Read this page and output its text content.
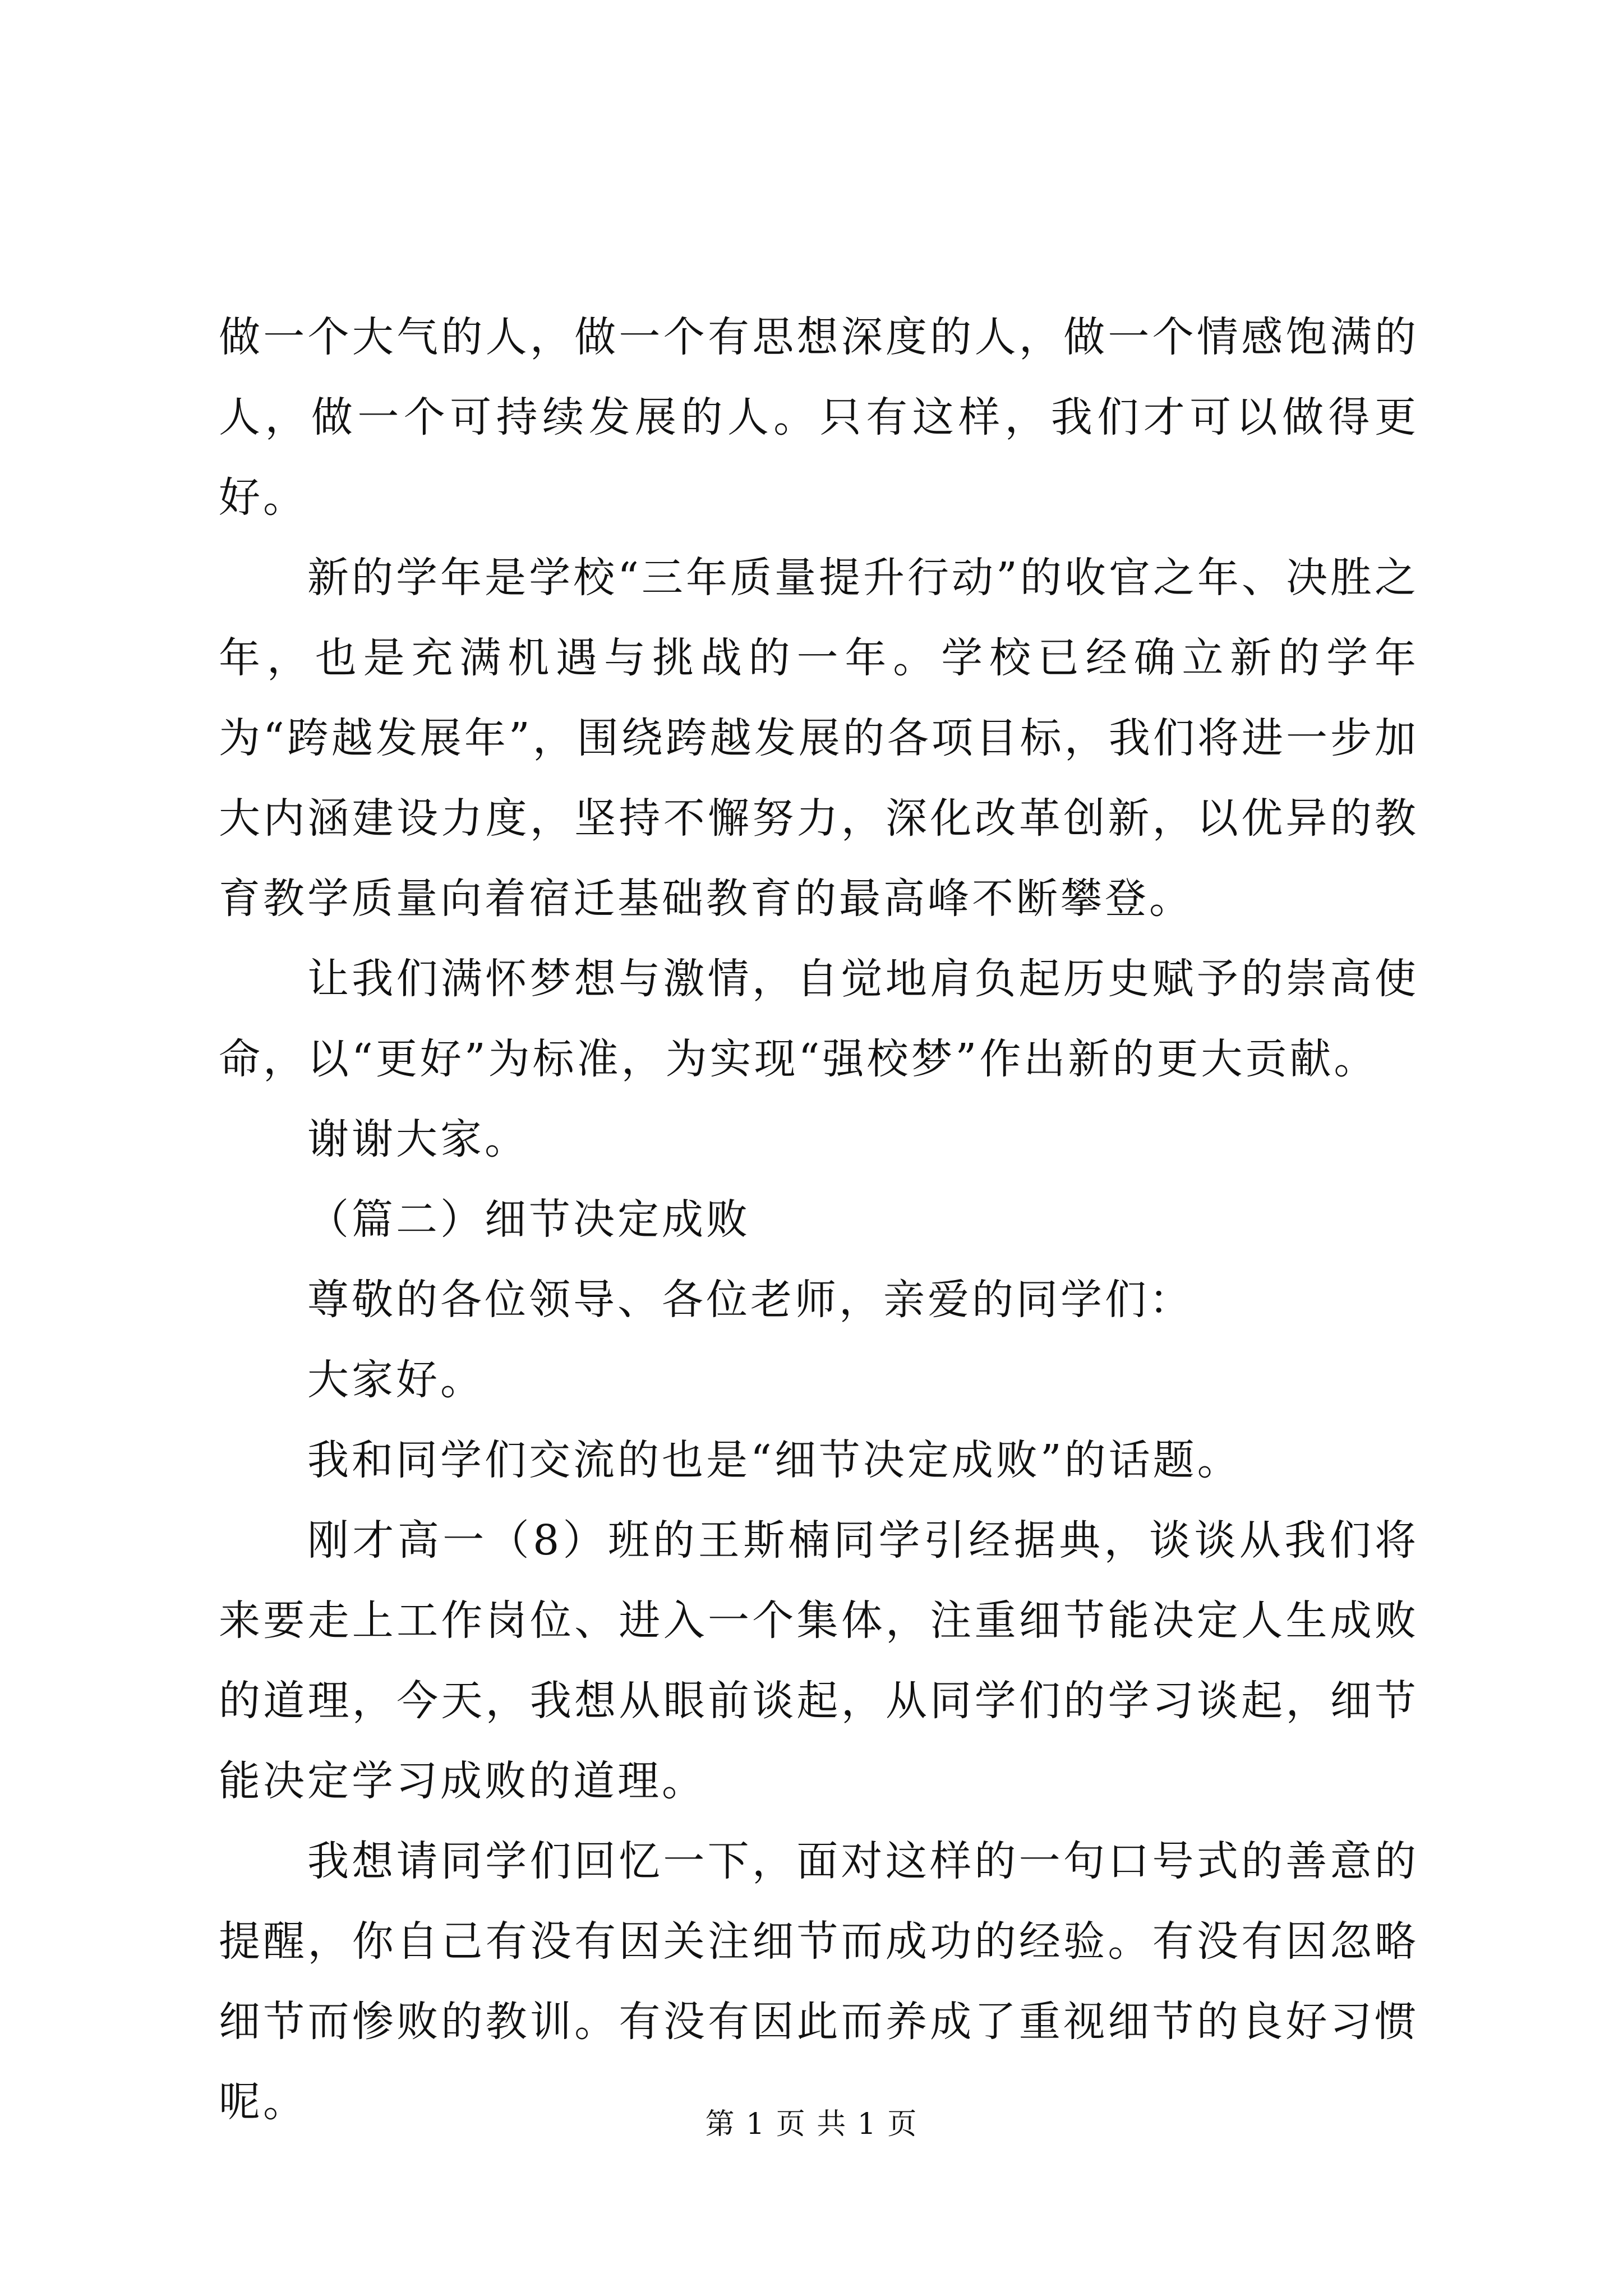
做一个大气的人，做一个有思想深度的人，做一个情感饱满的人，做一个可持续发展的人。只有这样，我们才可以做得更好。

新的学年是学校“三年质量提升行动”的收官之年、决胜之年，也是充满机遇与挑战的一年。学校已经确立新的学年为“跨越发展年”，围绕跨越发展的各项目标，我们将进一步加大内涵建设力度，坚持不懈努力，深化改革创新，以优异的教育教学质量向着宿迁基础教育的最高峰不断攀登。

让我们满怀梦想与激情，自觉地肩负起历史赋予的崇高使命，以“更好”为标准，为实现“强校梦”作出新的更大贡献。

谢谢大家。

（篇二）细节决定成败

尊敬的各位领导、各位老师，亲爱的同学们：

大家好。

我和同学们交流的也是“细节决定成败”的话题。

刚才高一（8）班的王斯楠同学引经据典，谈谈从我们将来要走上工作岗位、进入一个集体，注重细节能决定人生成败的道理，今天，我想从眼前谈起，从同学们的学习谈起，细节能决定学习成败的道理。

我想请同学们回忆一下，面对这样的一句口号式的善意的提醒，你自己有没有因关注细节而成功的经验。有没有因忽略细节而惨败的教训。有没有因此而养成了重视细节的良好习惯呢。	第 1 页 共 1 页
